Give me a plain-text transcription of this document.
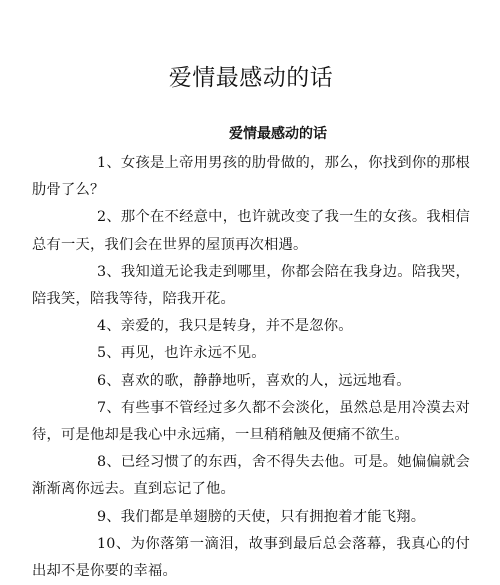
爱情最感动的话
爱情最感动的话

1、女孩是上帝用男孩的肋骨做的，那么，你找到你的那根肋骨了么？

2、那个在不经意中，也许就改变了我一生的女孩。我相信总有一天，我们会在世界的屋顶再次相遇。

3、我知道无论我走到哪里，你都会陪在我身边。陪我哭，陪我笑，陪我等待，陪我开花。

4、亲爱的，我只是转身，并不是忽你。

5、再见，也许永远不见。

6、喜欢的歌，静静地听，喜欢的人，远远地看。

7、有些事不管经过多久都不会淡化，虽然总是用冷漠去对待，可是他却是我心中永远痛，一旦稍稍触及便痛不欲生。

8、已经习惯了的东西，舍不得失去他。可是。她偏偏就会渐渐离你远去。直到忘记了他。

9、我们都是单翅膀的天使，只有拥抱着才能飞翔。

10、为你落第一滴泪，故事到最后总会落幕，我真心的付出却不是你要的幸福。
